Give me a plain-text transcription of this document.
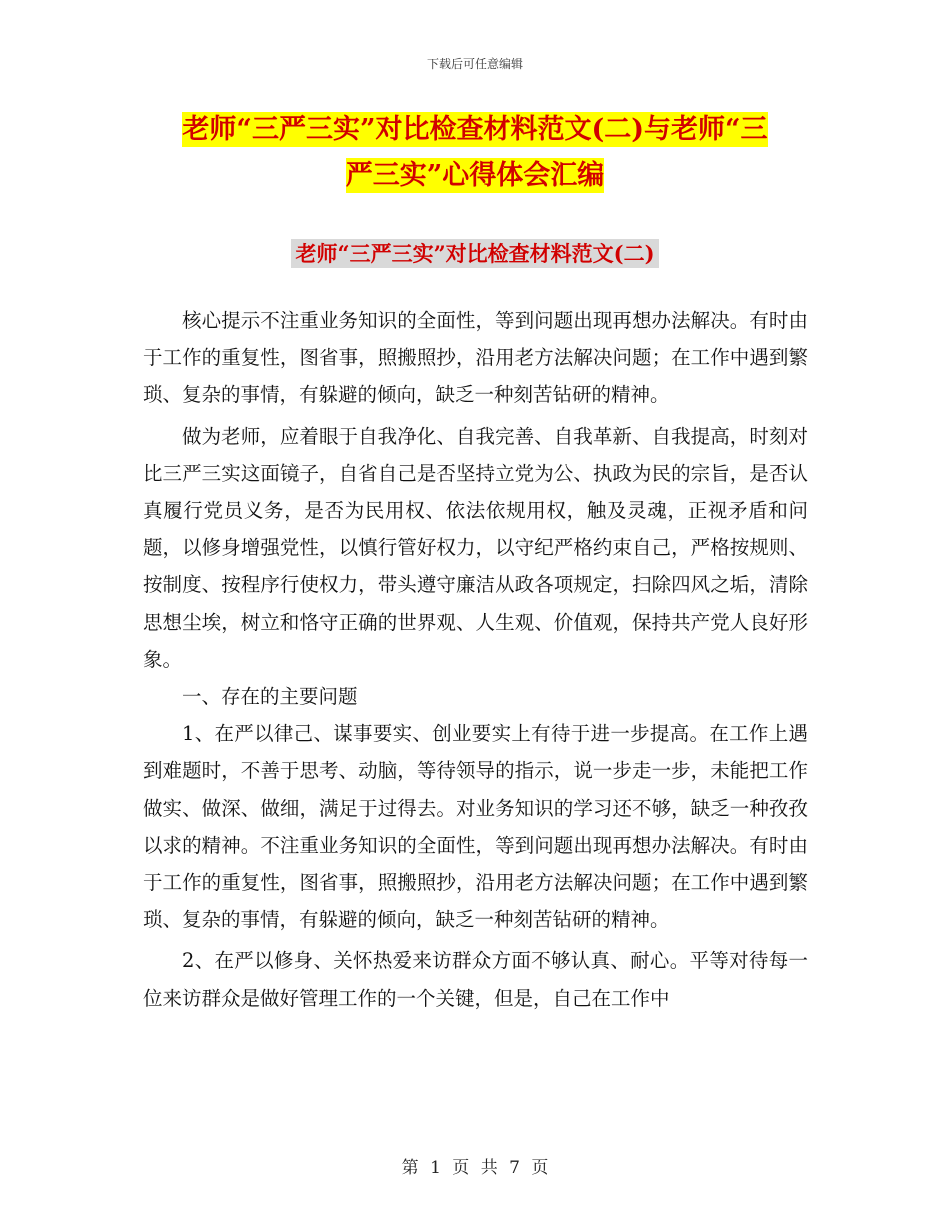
下载后可任意编辑
老师“三严三实”对比检查材料范文(二)与老师“三
严三实”心得体会汇编
老师“三严三实”对比检查材料范文(二)

核心提示不注重业务知识的全面性，等到问题出现再想办法解决。有时由于工作的重复性，图省事，照搬照抄，沿用老方法解决问题；在工作中遇到繁琐、复杂的事情，有躲避的倾向，缺乏一种刻苦钻研的精神。

做为老师，应着眼于自我净化、自我完善、自我革新、自我提高，时刻对比三严三实这面镜子，自省自己是否坚持立党为公、执政为民的宗旨，是否认真履行党员义务，是否为民用权、依法依规用权，触及灵魂，正视矛盾和问题，以修身增强党性，以慎行管好权力，以守纪严格约束自己，严格按规则、按制度、按程序行使权力，带头遵守廉洁从政各项规定，扫除四风之垢，清除思想尘埃，树立和恪守正确的世界观、人生观、价值观，保持共产党人良好形象。

一、存在的主要问题

1、在严以律己、谋事要实、创业要实上有待于进一步提高。在工作上遇到难题时，不善于思考、动脑，等待领导的指示，说一步走一步，未能把工作做实、做深、做细，满足于过得去。对业务知识的学习还不够，缺乏一种孜孜以求的精神。不注重业务知识的全面性，等到问题出现再想办法解决。有时由于工作的重复性，图省事，照搬照抄，沿用老方法解决问题；在工作中遇到繁琐、复杂的事情，有躲避的倾向，缺乏一种刻苦钻研的精神。

2、在严以修身、关怀热爱来访群众方面不够认真、耐心。平等对待每一位来访群众是做好管理工作的一个关键，但是，自己在工作中

第 1 页 共 7 页
